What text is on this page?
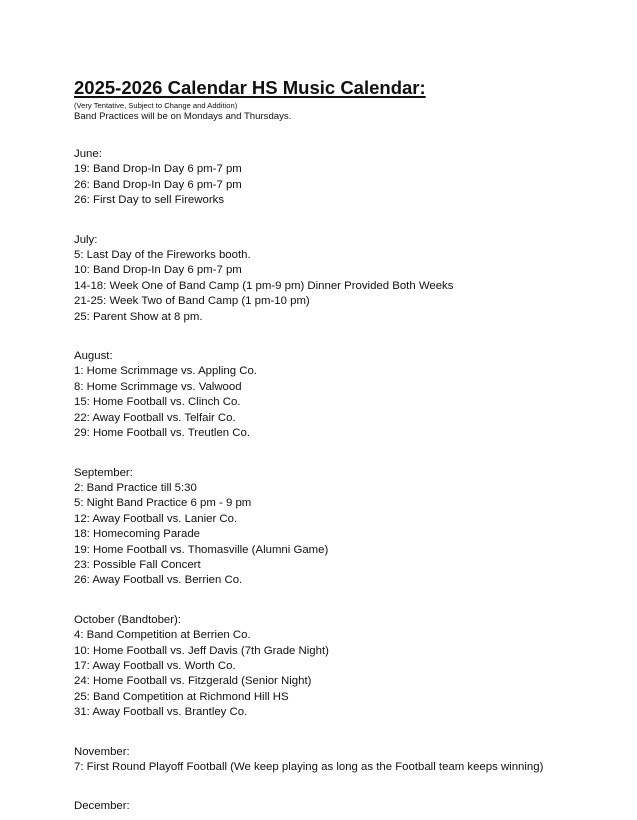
2025-2026 Calendar HS Music Calendar:
(Very Tentative, Subject to Change and Addition)
Band Practices will be on Mondays and Thursdays.
June:
19: Band Drop-In Day 6 pm-7 pm
26: Band Drop-In Day 6 pm-7 pm
26: First Day to sell Fireworks
July:
5: Last Day of the Fireworks booth.
10: Band Drop-In Day 6 pm-7 pm
14-18: Week One of Band Camp (1 pm-9 pm) Dinner Provided Both Weeks
21-25: Week Two of Band Camp (1 pm-10 pm)
25: Parent Show at 8 pm.
August:
1: Home Scrimmage vs. Appling Co.
8: Home Scrimmage vs. Valwood
15: Home Football vs. Clinch Co.
22: Away Football vs. Telfair Co.
29: Home Football vs. Treutlen Co.
September:
2: Band Practice till 5:30
5: Night Band Practice 6 pm - 9 pm
12: Away Football vs. Lanier Co.
18: Homecoming Parade
19: Home Football vs. Thomasville (Alumni Game)
23: Possible Fall Concert
26: Away Football vs. Berrien Co.
October (Bandtober):
4: Band Competition at Berrien Co.
10: Home Football vs. Jeff Davis (7th Grade Night)
17: Away Football vs. Worth Co.
24: Home Football vs. Fitzgerald (Senior Night)
25: Band Competition at Richmond Hill HS
31: Away Football vs. Brantley Co.
November:
7: First Round Playoff Football (We keep playing as long as the Football team keeps winning)
December:
